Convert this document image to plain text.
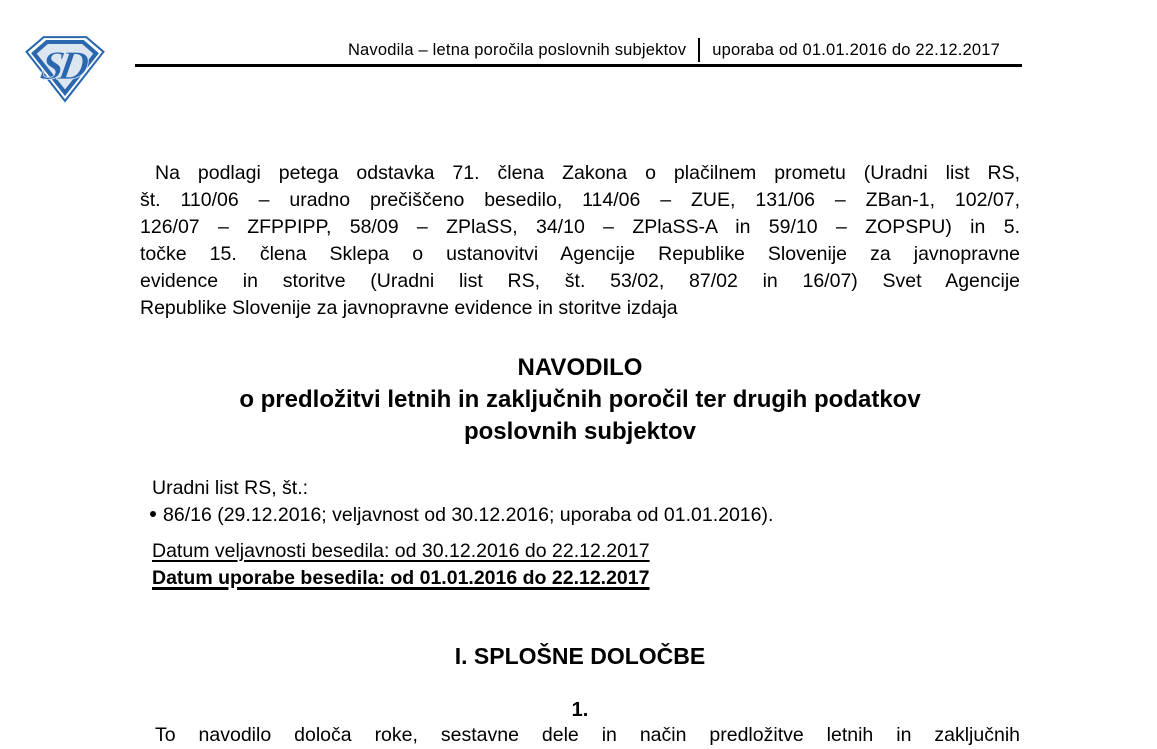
SD	Navodila – letna poročila poslovnih subjektov uporaba od 01.01.2016 do 22.12.2017
Na podlagi petega odstavka 71. člena Zakona o plačilnem prometu (Uradni list RS,
št. 110/06 – uradno prečiščeno besedilo, 114/06 – ZUE, 131/06 – ZBan-1, 102/07,
126/07 – ZFPPIPP, 58/09 – ZPlaSS, 34/10 – ZPlaSS-A in 59/10 – ZOPSPU) in 5.
točke 15. člena Sklepa o ustanovitvi Agencije Republike Slovenije za javnopravne
evidence in storitve (Uradni list RS, št. 53/02, 87/02 in 16/07) Svet Agencije
Republike Slovenije za javnopravne evidence in storitve izdaja
NAVODILO
o predložitvi letnih in zaključnih poročil ter drugih podatkov
poslovnih subjektov
Uradni list RS, št.:
86/16 (29.12.2016; veljavnost od 30.12.2016; uporaba od 01.01.2016).
Datum veljavnosti besedila: od 30.12.2016 do 22.12.2017
Datum uporabe besedila: od 01.01.2016 do 22.12.2017
I. SPLOŠNE DOLOČBE
1.
To navodilo določa roke, sestavne dele in način predložitve letnih in zaključnih
